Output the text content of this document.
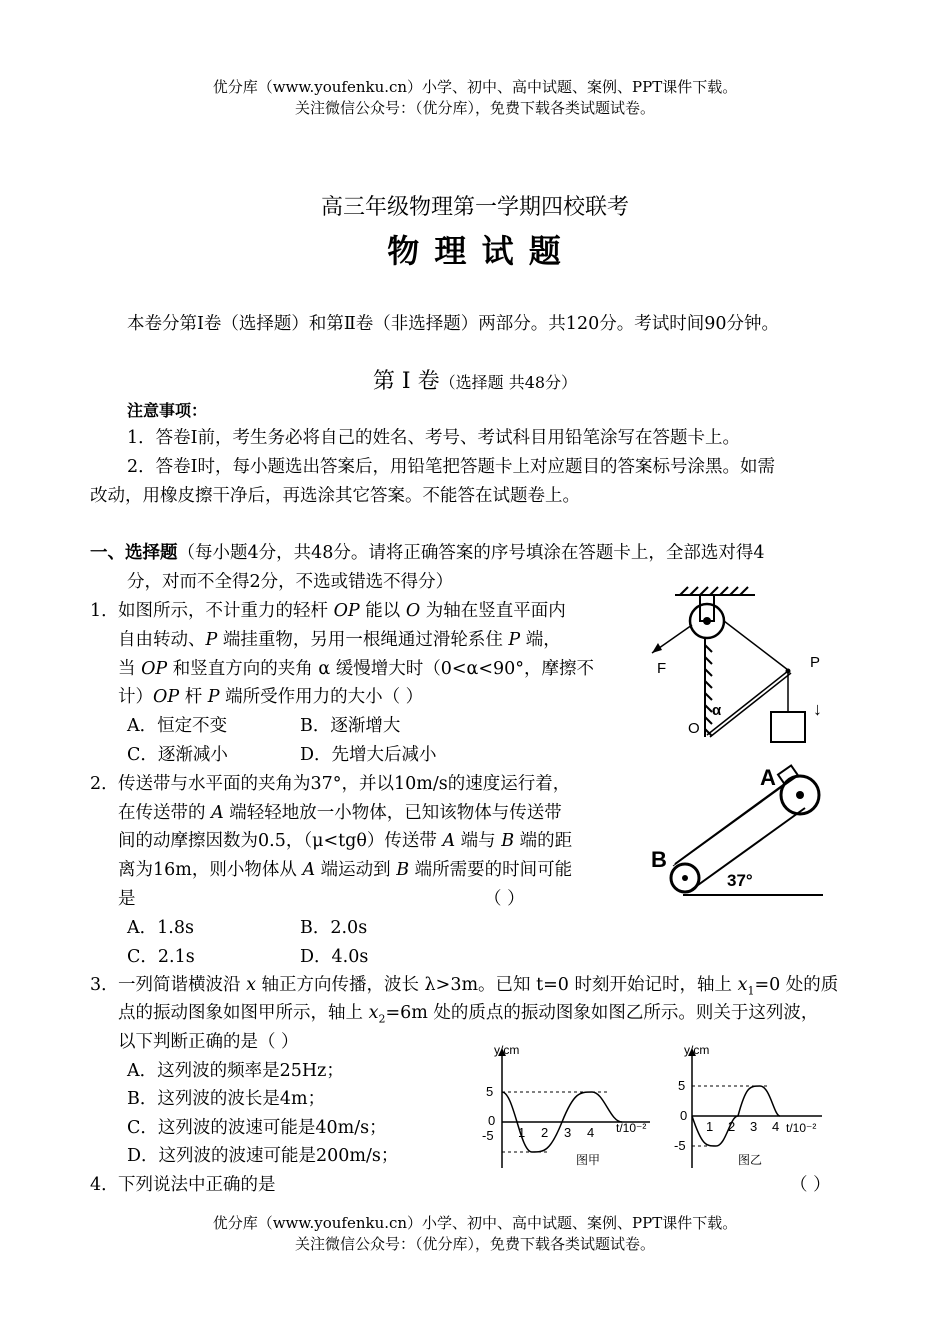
优分库（www.youfenku.cn）小学、初中、高中试题、案例、PPT课件下载。
关注微信公众号：（优分库），免费下载各类试题试卷。
高三年级物理第一学期四校联考
物 理 试 题
本卷分第Ⅰ卷（选择题）和第Ⅱ卷（非选择题）两部分。共120分。考试时间90分钟。
第 Ⅰ 卷（选择题 共48分）
注意事项：
1．答卷Ⅰ前，考生务必将自己的姓名、考号、考试科目用铅笔涂写在答题卡上。
2．答卷Ⅰ时，每小题选出答案后，用铅笔把答题卡上对应题目的答案标号涂黑。如需
改动，用橡皮擦干净后，再选涂其它答案。不能答在试题卷上。
一、选择题（每小题4分，共48分。请将正确答案的序号填涂在答题卡上，全部选对得4
分，对而不全得2分，不选或错选不得分）
1． 如图所示，不计重力的轻杆 OP 能以 O 为轴在竖直平面内
自由转动、P 端挂重物，另用一根绳通过滑轮系住 P 端，
当 OP 和竖直方向的夹角 α 缓慢增大时（0<α<90°，摩擦不
计）OP 杆 P 端所受作用力的大小（ ）
A．恒定不变	B．逐渐增大
C．逐渐减小	D．先增大后减小
F	P
O
α	↓
2． 传送带与水平面的夹角为37°，并以10m/s的速度运行着，
在传送带的 A 端轻轻地放一小物体，已知该物体与传送带
间的动摩擦因数为0.5，（μ<tgθ）传送带 A 端与 B 端的距
离为16m，则小物体从 A 端运动到 B 端所需要的时间可能
是	（ ）
A．1.8s	B．2.0s
C．2.1s	D．4.0s
A
B
37°
3． 一列简谐横波沿 x 轴正方向传播，波长 λ>3m。已知 t=0 时刻开始记时，轴上 $x_1=0$ 处的质
点的振动图象如图甲所示，轴上 $x_2=6m$ 处的质点的振动图象如图乙所示。则关于这列波，
以下判断正确的是（ ）
A．这列波的频率是25Hz；
B．这列波的波长是4m；
C．这列波的波速可能是40m/s；
D．这列波的波速可能是200m/s；
y/cm
5
0
-5 1 2 3 4 t/10⁻²
图甲
y/cm
5
0
-5
1 2 3 4 t/10⁻²
图乙
4． 下列说法中正确的是	（ ）
优分库（www.youfenku.cn）小学、初中、高中试题、案例、PPT课件下载。
关注微信公众号：（优分库），免费下载各类试题试卷。
